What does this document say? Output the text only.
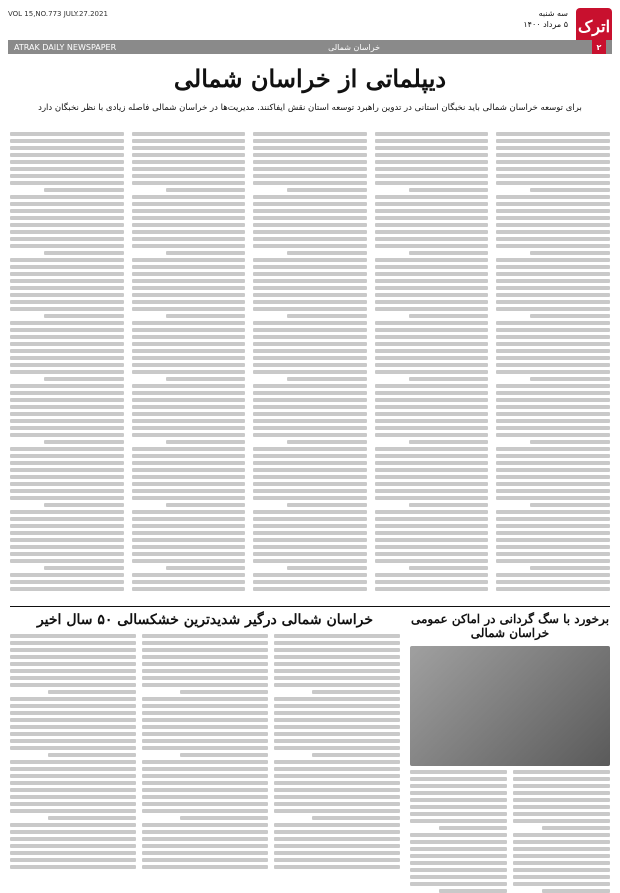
اترک
سه شنبه
۵ مرداد ۱۴۰۰
VOL 15,NO.773 JULY.27.2021
ATRAK DAILY NEWSPAPER	خراسان شمالی	۲
دیپلماتی از خراسان شمالی
برای توسعه خراسان شمالی باید نخبگان استانی در تدوین راهبرد توسعه استان نقش ایفاکنند. مدیریت‌ها در خراسان شمالی فاصله زیادی با نظر نخبگان دارد
خراسان شمالی درگیر شدیدترین خشکسالی ۵۰ سال اخیر	برخورد با سگ گردانی در اماکن عمومی خراسان شمالی
